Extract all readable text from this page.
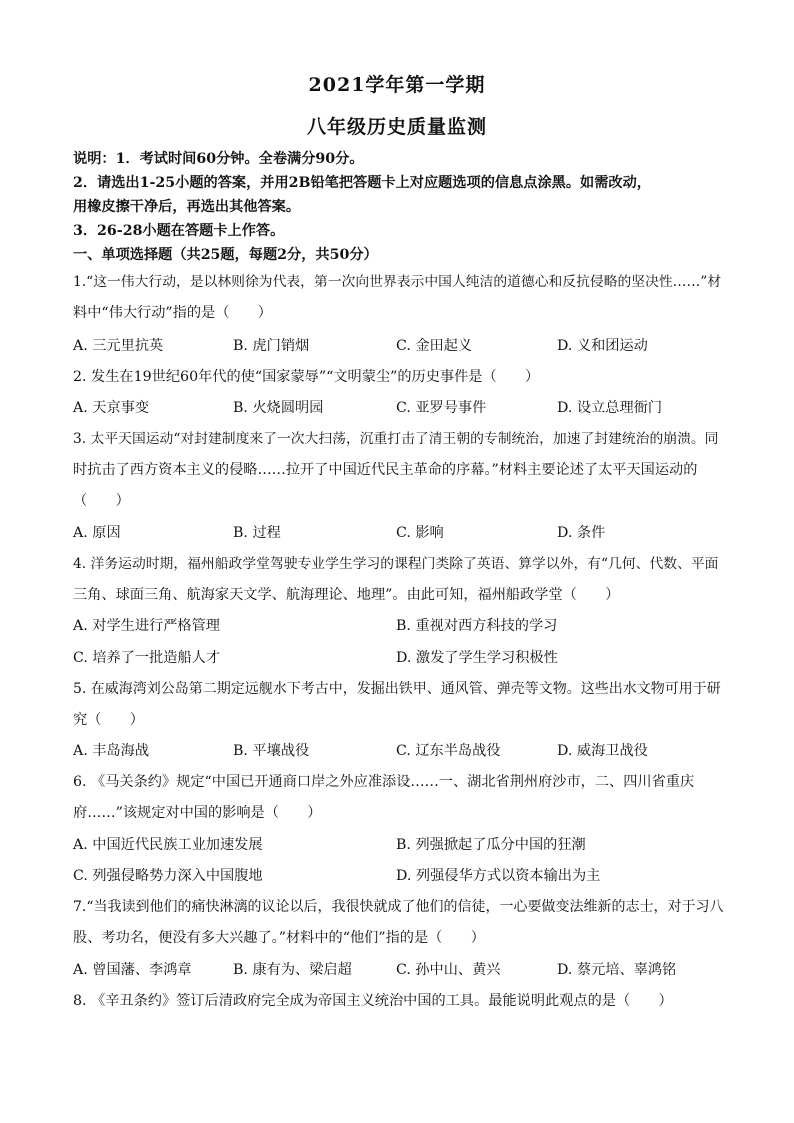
2021学年第一学期
八年级历史质量监测
说明：1．考试时间60分钟。全卷满分90分。
2．请选出1-25小题的答案，并用2B铅笔把答题卡上对应题选项的信息点涂黑。如需改动，
用橡皮擦干净后，再选出其他答案。
3．26-28小题在答题卡上作答。
一、单项选择题（共25题，每题2分，共50分）
1.“这一伟大行动，是以林则徐为代表，第一次向世界表示中国人纯洁的道德心和反抗侵略的坚决性……”材
料中“伟大行动”指的是（　　）
A. 三元里抗英	B. 虎门销烟	C. 金田起义	D. 义和团运动
2. 发生在19世纪60年代的使“国家蒙辱”“文明蒙尘”的历史事件是（　　）
A. 天京事变	B. 火烧圆明园	C. 亚罗号事件	D. 设立总理衙门
3. 太平天国运动“对封建制度来了一次大扫荡，沉重打击了清王朝的专制统治，加速了封建统治的崩溃。同
时抗击了西方资本主义的侵略……拉开了中国近代民主革命的序幕。”材料主要论述了太平天国运动的
（　　）
A. 原因	B. 过程	C. 影响	D. 条件
4. 洋务运动时期，福州船政学堂驾驶专业学生学习的课程门类除了英语、算学以外，有“几何、代数、平面
三角、球面三角、航海家天文学、航海理论、地理”。由此可知，福州船政学堂（　　）
A. 对学生进行严格管理	B. 重视对西方科技的学习
C. 培养了一批造船人才	D. 激发了学生学习积极性
5. 在威海湾刘公岛第二期定远舰水下考古中，发掘出铁甲、通风管、弹壳等文物。这些出水文物可用于研
究（　　）
A. 丰岛海战	B. 平壤战役	C. 辽东半岛战役	D. 威海卫战役
6. 《马关条约》规定“中国已开通商口岸之外应准添设……一、湖北省荆州府沙市，二、四川省重庆
府……”该规定对中国的影响是（　　）
A. 中国近代民族工业加速发展	B. 列强掀起了瓜分中国的狂潮
C. 列强侵略势力深入中国腹地	D. 列强侵华方式以资本输出为主
7.“当我读到他们的痛快淋漓的议论以后，我很快就成了他们的信徒，一心要做变法维新的志士，对于习八
股、考功名，便没有多大兴趣了。”材料中的“他们”指的是（　　）
A. 曾国藩、李鸿章	B. 康有为、梁启超	C. 孙中山、黄兴	D. 蔡元培、辜鸿铭
8. 《辛丑条约》签订后清政府完全成为帝国主义统治中国的工具。最能说明此观点的是（　　）
